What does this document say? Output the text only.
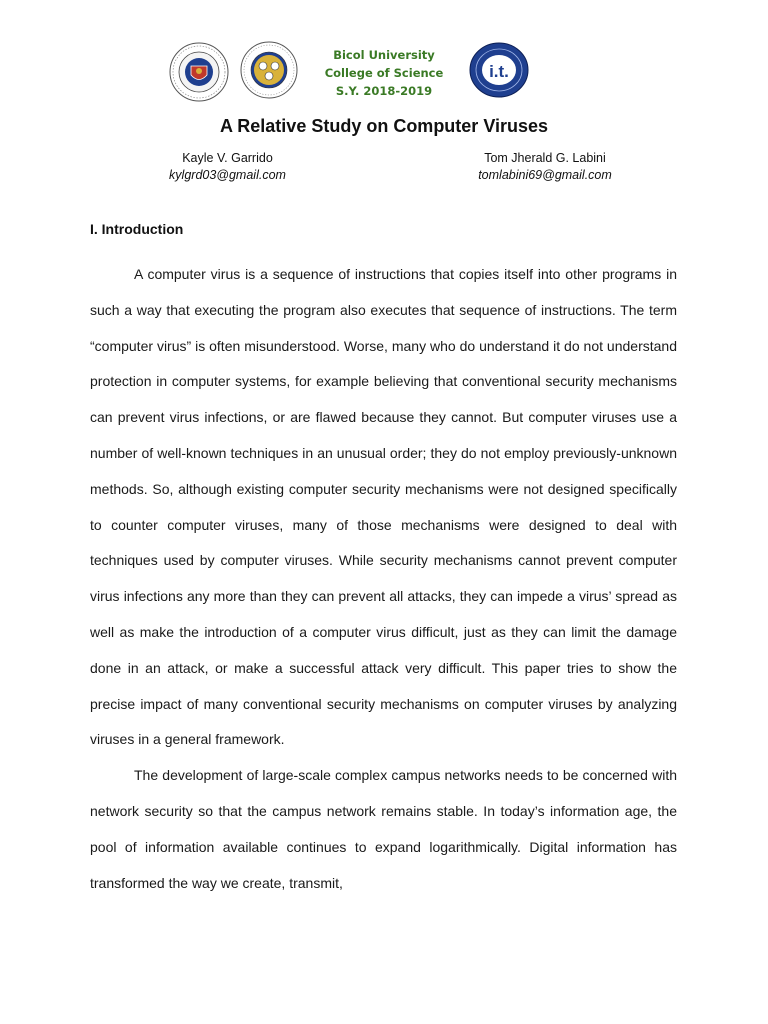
Bicol University
College of Science
S.Y. 2018-2019
i.t.
A Relative Study on Computer Viruses
Kayle V. Garrido
kylgrd03@gmail.com
Tom Jherald G. Labini
tomlabini69@gmail.com
I. Introduction

A computer virus is a sequence of instructions that copies itself into other programs in such a way that executing the program also executes that sequence of instructions. The term “computer virus” is often misunderstood. Worse, many who do understand it do not understand protection in computer systems, for example believing that conventional security mechanisms can prevent virus infections, or are flawed because they cannot. But computer viruses use a number of well-known techniques in an unusual order; they do not employ previously-unknown methods. So, although existing computer security mechanisms were not designed specifically to counter computer viruses, many of those mechanisms were designed to deal with techniques used by computer viruses. While security mechanisms cannot prevent computer virus infections any more than they can prevent all attacks, they can impede a virus’ spread as well as make the introduction of a computer virus difficult, just as they can limit the damage done in an attack, or make a successful attack very difficult. This paper tries to show the precise impact of many conventional security mechanisms on computer viruses by analyzing viruses in a general framework.

The development of large-scale complex campus networks needs to be concerned with network security so that the campus network remains stable. In today’s information age, the pool of information available continues to expand logarithmically. Digital information has transformed the way we create, transmit,
